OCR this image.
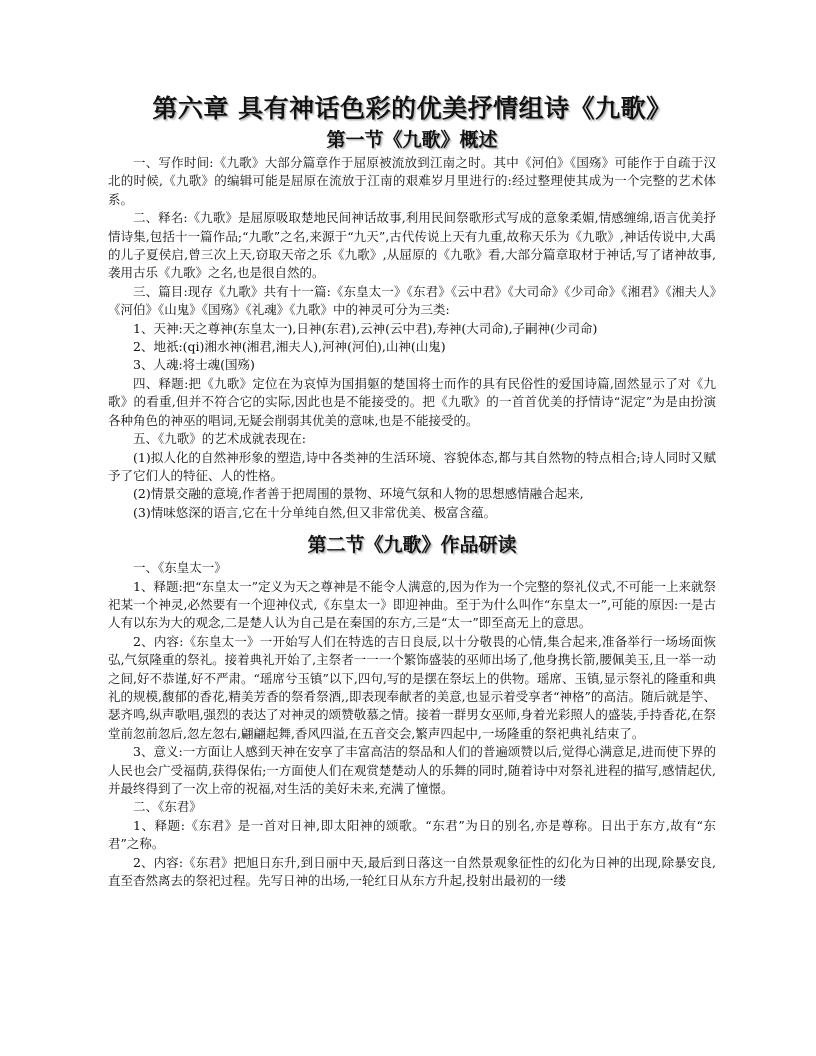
第六章 具有神话色彩的优美抒情组诗《九歌》
第一节《九歌》概述

一、写作时间:《九歌》大部分篇章作于屈原被流放到江南之时。其中《河伯》《国殇》可能作于自疏于汉北的时候,《九歌》的编辑可能是屈原在流放于江南的艰难岁月里进行的:经过整理使其成为一个完整的艺术体系。

二、释名:《九歌》是屈原吸取楚地民间神话故事,利用民间祭歌形式写成的意象柔媚,情感缠绵,语言优美抒情诗集,包括十一篇作品;“九歌”之名,来源于“九天”,古代传说上天有九重,故称天乐为《九歌》,神话传说中,大禹的儿子夏侯启,曾三次上天,窃取天帝之乐《九歌》,从屈原的《九歌》看,大部分篇章取材于神话,写了诸神故事,袭用古乐《九歌》之名,也是很自然的。

三、篇目:现存《九歌》共有十一篇:《东皇太一》《东君》《云中君》《大司命》《少司命》《湘君》《湘夫人》《河伯》《山鬼》《国殇》《礼魂》《九歌》中的神灵可分为三类:

1、天神:天之尊神(东皇太一),日神(东君),云神(云中君),寿神(大司命),子嗣神(少司命)

2、地祇:(qi)湘水神(湘君,湘夫人),河神(河伯),山神(山鬼)

3、人魂:将士魂(国殇)

四、释题:把《九歌》定位在为哀悼为国捐躯的楚国将士而作的具有民俗性的爱国诗篇,固然显示了对《九歌》的看重,但并不符合它的实际,因此也是不能接受的。把《九歌》的一首首优美的抒情诗“泥定”为是由扮演各种角色的神巫的唱词,无疑会削弱其优美的意味,也是不能接受的。

五、《九歌》的艺术成就表现在:

(1)拟人化的自然神形象的塑造,诗中各类神的生活环境、容貌体态,都与其自然物的特点相合;诗人同时又赋予了它们人的特征、人的性格。

(2)情景交融的意境,作者善于把周围的景物、环境气氛和人物的思想感情融合起来,

(3)情味悠深的语言,它在十分单纯自然,但又非常优美、极富含蕴。

第二节《九歌》作品研读

一、《东皇太一》

1、释题:把“东皇太一”定义为天之尊神是不能令人满意的,因为作为一个完整的祭礼仪式,不可能一上来就祭祀某一个神灵,必然要有一个迎神仪式,《东皇太一》即迎神曲。至于为什么叫作“东皇太一”,可能的原因:一是古人有以东为大的观念,二是楚人认为自己是在秦国的东方,三是“太一”即至高无上的意思。

2、内容:《东皇太一》一开始写人们在特选的吉日良辰,以十分敬畏的心情,集合起来,准备举行一场场面恢弘,气氛隆重的祭礼。接着典礼开始了,主祭者一一一个繁饰盛装的巫师出场了,他身携长箭,腰佩美玉,且一举一动之间,好不恭谨,好不严肃。“瑶席兮玉镇”以下,四句,写的是摆在祭坛上的供物。瑶席、玉镇,显示祭礼的隆重和典礼的规模,馥郁的香花,精美芳香的祭肴祭酒,,即表现奉献者的美意,也显示着受享者“神格”的高洁。随后就是竽、瑟齐鸣,纵声歌唱,强烈的表达了对神灵的颂赞敬慕之情。接着一群男女巫师,身着光彩照人的盛装,手持香花,在祭堂前忽前忽后,忽左忽右,翩翩起舞,香风四溢,在五音交会,繁声四起中,一场隆重的祭祀典礼结束了。

3、意义:一方面让人感到天神在安享了丰富高洁的祭品和人们的普遍颂赞以后,觉得心满意足,进而使下界的人民也会广受福荫,获得保佑;一方面使人们在观赏楚楚动人的乐舞的同时,随着诗中对祭礼进程的描写,感情起伏,并最终得到了一次上帝的祝福,对生活的美好未来,充满了憧憬。

二、《东君》

1、释题:《东君》是一首对日神,即太阳神的颂歌。“东君”为日的别名,亦是尊称。日出于东方,故有“东君”之称。

2、内容:《东君》把旭日东升,到日丽中天,最后到日落这一自然景观象征性的幻化为日神的出现,除暴安良,直至杳然离去的祭祀过程。先写日神的出场,一轮红日从东方升起,投射出最初的一缕
